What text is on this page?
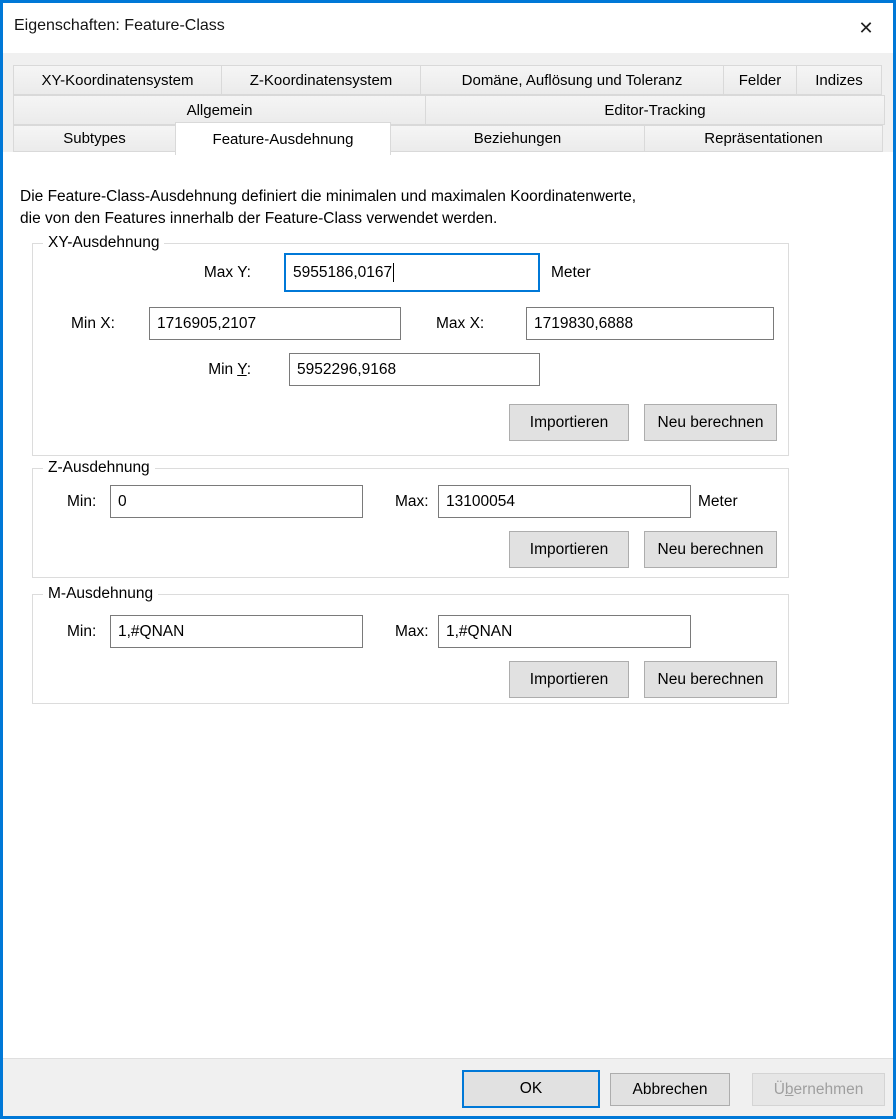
Eigenschaften: Feature-Class	✕
XY-Koordinatensystem	Z-Koordinatensystem	Domäne, Auflösung und Toleranz	Felder	Indizes
Allgemein	Editor-Tracking
Subtypes	Feature-Ausdehnung	Beziehungen	Repräsentationen
Die Feature-Class-Ausdehnung definiert die minimalen und maximalen Koordinatenwerte,
die von den Features innerhalb der Feature-Class verwendet werden.
XY-Ausdehnung
Max Y:	5955186,0167	Meter
Min X:	1716905,2107	Max X:	1719830,6888
Min Y:	5952296,9168
Importieren	Neu berechnen
Z-Ausdehnung
Min: 0	Max: 13100054	Meter
Importieren	Neu berechnen
M-Ausdehnung
Min: 1,#QNAN	Max: 1,#QNAN
Importieren	Neu berechnen
OK	Abbrechen	Ü b ernehmen
